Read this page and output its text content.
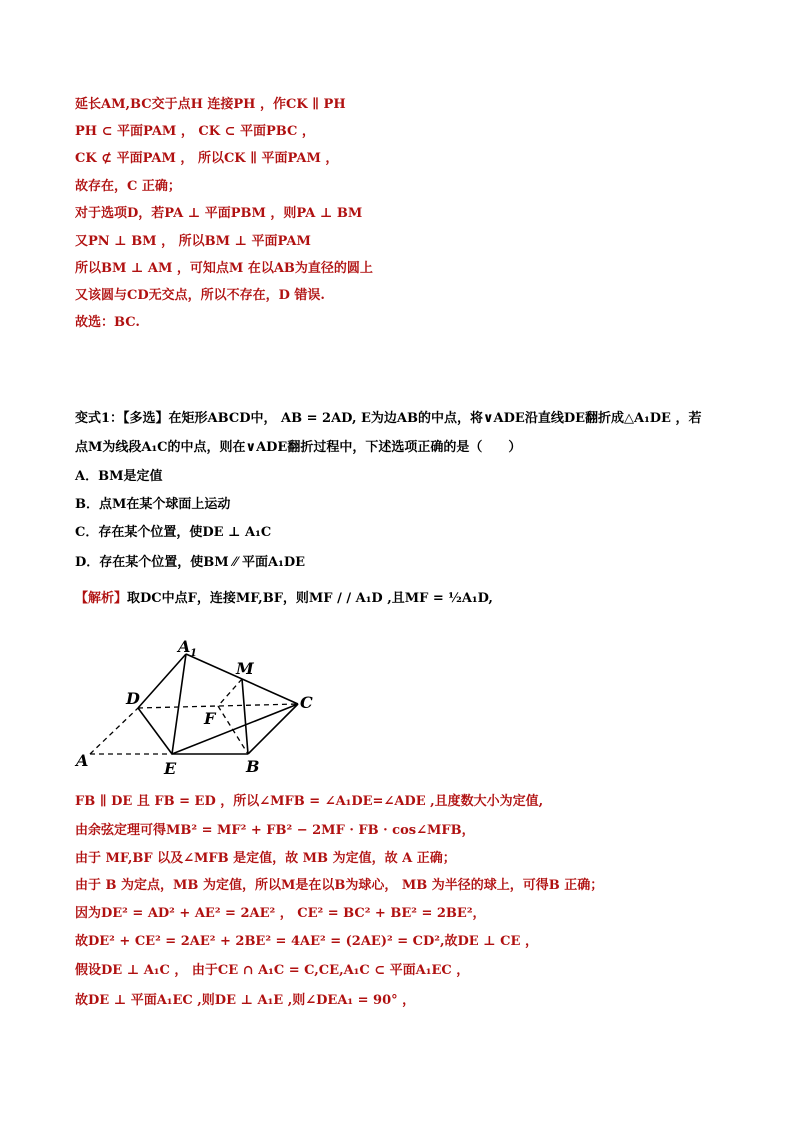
延长AM,BC交于点H 连接PH ，作CK ∥ PH
PH ⊂ 平面PAM ， CK ⊂ 平面PBC ，
CK ⊄ 平面PAM ， 所以CK ∥ 平面PAM ，
故存在，C 正确；
对于选项D，若PA ⊥ 平面PBM ，则PA ⊥ BM
又PN ⊥ BM ， 所以BM ⊥ 平面PAM
所以BM ⊥ AM ，可知点M 在以AB为直径的圆上
又该圆与CD无交点，所以不存在，D 错误.
故选：BC.
变式1：【多选】在矩形ABCD中， AB = 2AD, E为边AB的中点，将∨ADE沿直线DE翻折成△A₁DE ，若
点M为线段A₁C的中点，则在∨ADE翻折过程中，下述选项正确的是（　　）
A．BM是定值
B．点M在某个球面上运动
C．存在某个位置，使DE ⊥ A₁C
D．存在某个位置，使BM ⁄⁄ 平面A₁DE
【解析】取DC中点F，连接MF,BF，则MF / / A₁D ,且MF = ½A₁D,
A 1
M
D	C
F
A	E	B
FB ∥ DE 且 FB = ED ，所以∠MFB = ∠A₁DE=∠ADE ,且度数大小为定值,
由余弦定理可得MB² = MF² + FB² − 2MF · FB · cos∠MFB，
由于 MF,BF 以及∠MFB 是定值，故 MB 为定值，故 A 正确；
由于 B 为定点，MB 为定值，所以M是在以B为球心， MB 为半径的球上，可得B 正确；
因为DE² = AD² + AE² = 2AE² ， CE² = BC² + BE² = 2BE²，
故DE² + CE² = 2AE² + 2BE² = 4AE² = (2AE)² = CD²,故DE ⊥ CE ，
假设DE ⊥ A₁C ， 由于CE ∩ A₁C = C,CE,A₁C ⊂ 平面A₁EC ，
故DE ⊥ 平面A₁EC ,则DE ⊥ A₁E ,则∠DEA₁ = 90° ，
